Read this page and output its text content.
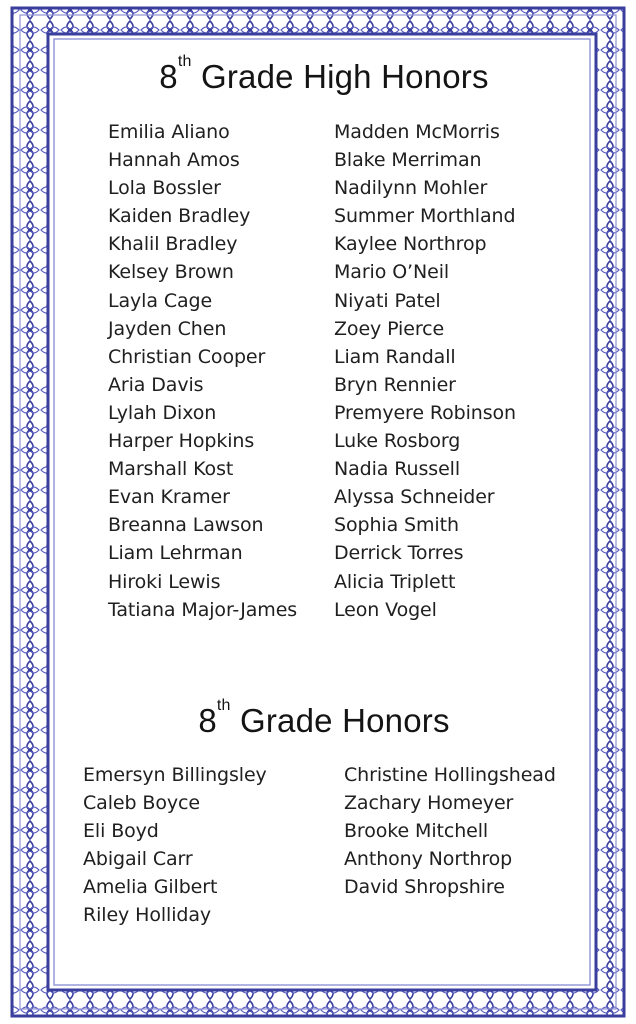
8th Grade High Honors
Emilia Aliano
Hannah Amos
Lola Bossler
Kaiden Bradley
Khalil Bradley
Kelsey Brown
Layla Cage
Jayden Chen
Christian Cooper
Aria Davis
Lylah Dixon
Harper Hopkins
Marshall Kost
Evan Kramer
Breanna Lawson
Liam Lehrman
Hiroki Lewis
Tatiana Major-James
Madden McMorris
Blake Merriman
Nadilynn Mohler
Summer Morthland
Kaylee Northrop
Mario O’Neil
Niyati Patel
Zoey Pierce
Liam Randall
Bryn Rennier
Premyere Robinson
Luke Rosborg
Nadia Russell
Alyssa Schneider
Sophia Smith
Derrick Torres
Alicia Triplett
Leon Vogel
8th Grade Honors
Emersyn Billingsley
Caleb Boyce
Eli Boyd
Abigail Carr
Amelia Gilbert
Riley Holliday
Christine Hollingshead
Zachary Homeyer
Brooke Mitchell
Anthony Northrop
David Shropshire
